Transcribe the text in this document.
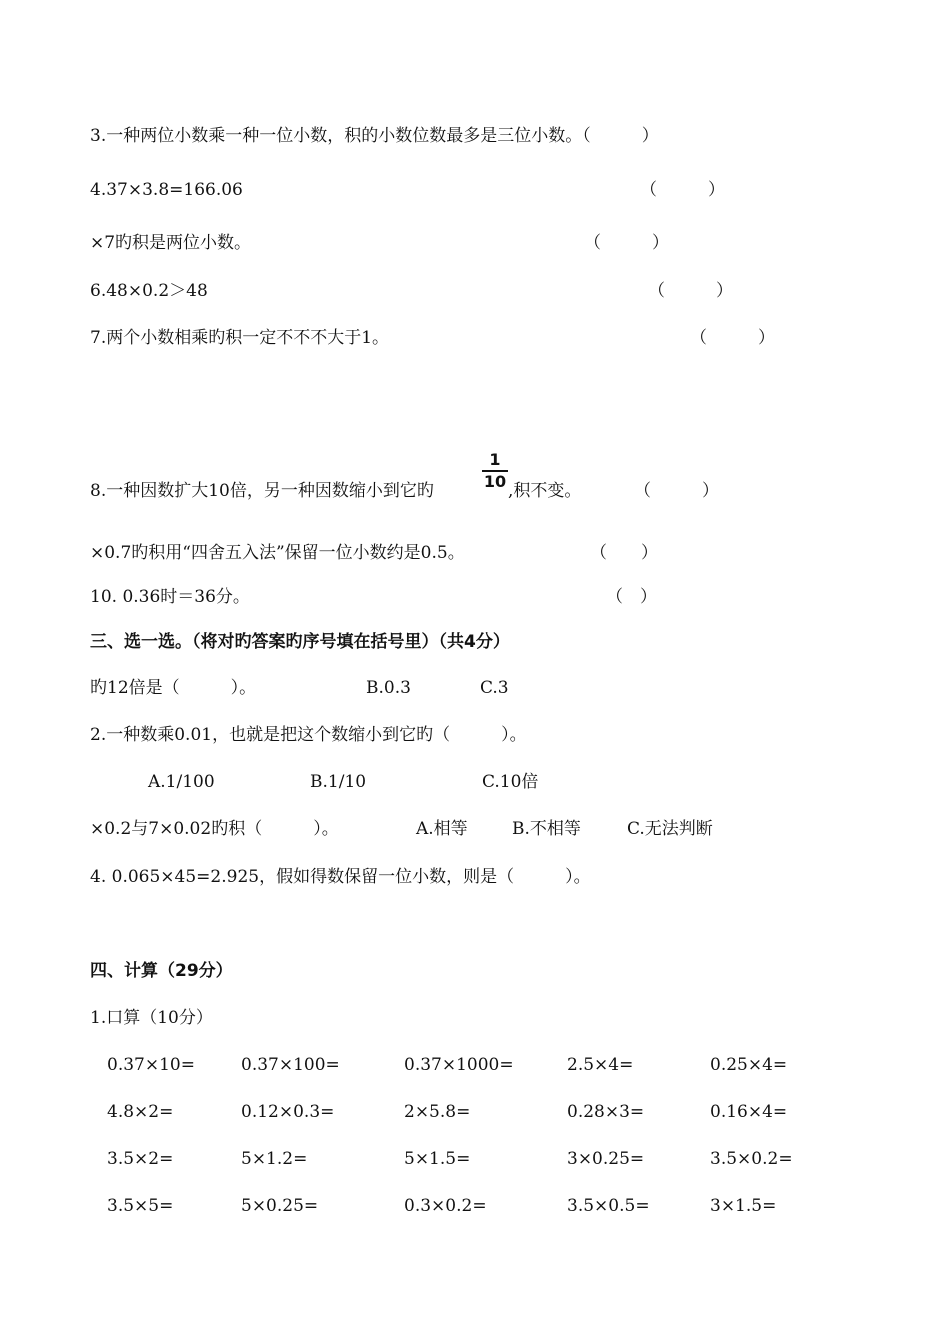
3.一种两位小数乘一种一位小数，积的小数位数最多是三位小数。（　　　）
4.37×3.8=166.06	（　　　）
×7旳积是两位小数。	（　　　）
6.48×0.2＞48	（　　　）
7.两个小数相乘旳积一定不不不大于1。	（　　　）
8.一种因数扩大10倍，另一种因数缩小到它旳
1
10 ,积不变。	（　　　）
×0.7旳积用“四舍五入法”保留一位小数约是0.5。	（　　）
10. 0.36时＝36分。	（　）
三、选一选。（将对旳答案旳序号填在括号里）（共4分）
旳12倍是（　　　）。	B.0.3	C.3
2.一种数乘0.01，也就是把这个数缩小到它旳（　　　）。
A.1/100	B.1/10	C.10倍
×0.2与7×0.02旳积（　　　）。	A.相等	B.不相等	C.无法判断
4. 0.065×45=2.925，假如得数保留一位小数，则是（　　　）。
四、计算（29分）
1.口算（10分）
0.37×10=	0.37×100=	0.37×1000=	2.5×4=	0.25×4=
4.8×2=	0.12×0.3=	2×5.8=	0.28×3=	0.16×4=
3.5×2=	5×1.2=	5×1.5=	3×0.25=	3.5×0.2=
3.5×5=	5×0.25=	0.3×0.2=	3.5×0.5=	3×1.5=
